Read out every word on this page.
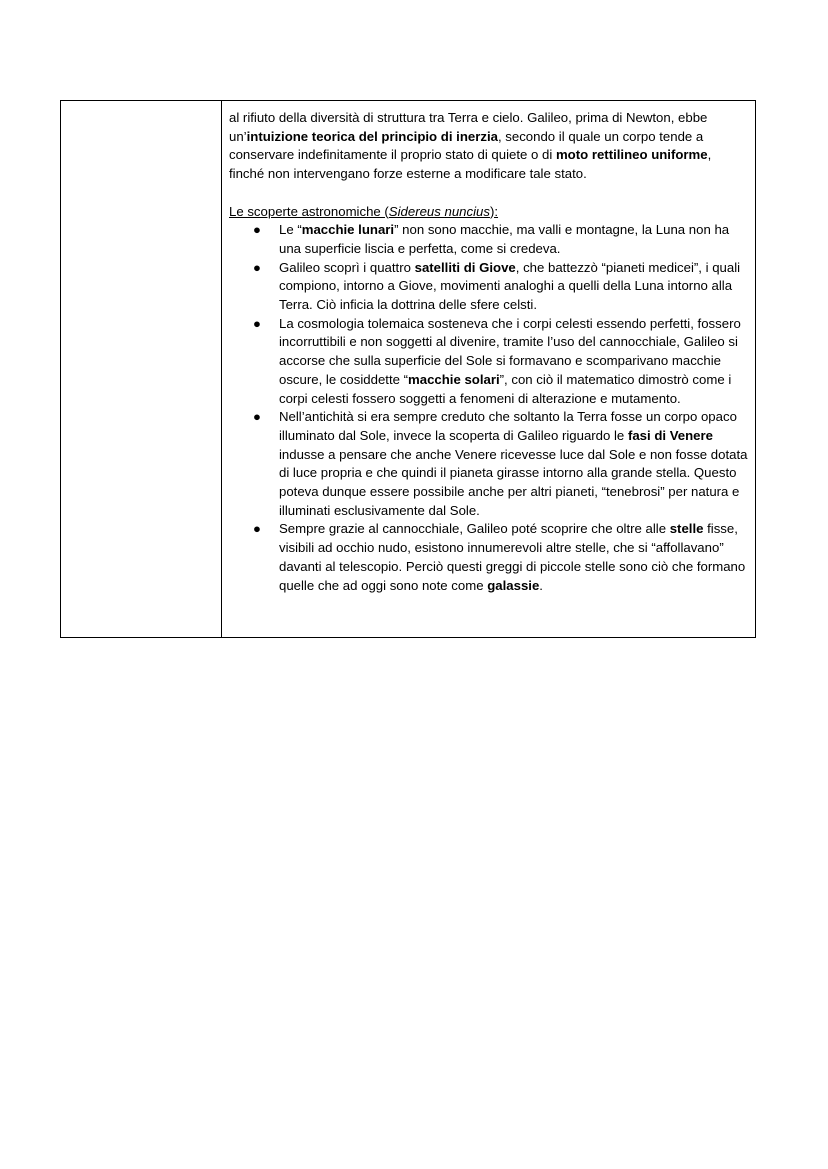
al rifiuto della diversità di struttura tra Terra e cielo. Galileo, prima di Newton, ebbe un’intuizione teorica del principio di inerzia, secondo il quale un corpo tende a conservare indefinitamente il proprio stato di quiete o di moto rettilineo uniforme, finché non intervengano forze esterne a modificare tale stato.

Le scoperte astronomiche (Sidereus nuncius):

● Le “macchie lunari” non sono macchie, ma valli e montagne, la Luna non ha una superficie liscia e perfetta, come si credeva.
● Galileo scoprì i quattro satelliti di Giove, che battezzò “pianeti medicei”, i quali compiono, intorno a Giove, movimenti analoghi a quelli della Luna intorno alla Terra. Ciò inficia la dottrina delle sfere celsti.
● La cosmologia tolemaica sosteneva che i corpi celesti essendo perfetti, fossero incorruttibili e non soggetti al divenire, tramite l’uso del cannocchiale, Galileo si accorse che sulla superficie del Sole si formavano e scomparivano macchie oscure, le cosiddette “macchie solari”, con ciò il matematico dimostrò come i corpi celesti fossero soggetti a fenomeni di alterazione e mutamento.
● Nell’antichità si era sempre creduto che soltanto la Terra fosse un corpo opaco illuminato dal Sole, invece la scoperta di Galileo riguardo le fasi di Venere indusse a pensare che anche Venere ricevesse luce dal Sole e non fosse dotata di luce propria e che quindi il pianeta girasse intorno alla grande stella. Questo poteva dunque essere possibile anche per altri pianeti, “tenebrosi” per natura e illuminati esclusivamente dal Sole.
● Sempre grazie al cannocchiale, Galileo poté scoprire che oltre alle stelle fisse, visibili ad occhio nudo, esistono innumerevoli altre stelle, che si “affollavano” davanti al telescopio. Perciò questi greggi di piccole stelle sono ciò che formano quelle che ad oggi sono note come galassie.
